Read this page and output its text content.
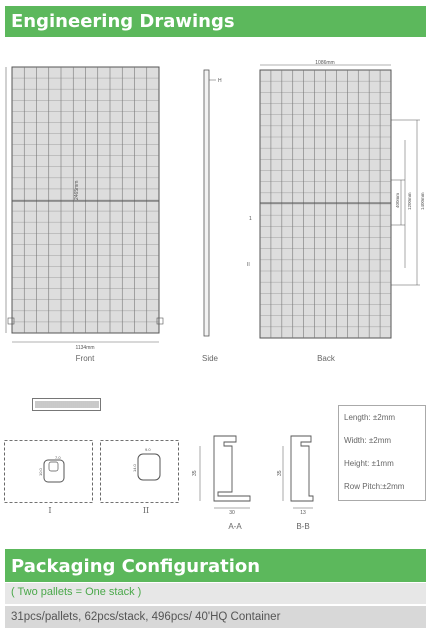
Engineering Drawings
2465mm
1134mm
Front
H
Side
1086mm
1400mm
1200mm
400mm
1
II
Back
7.0
10.0
I
9.0
14.0
II
35
30
A-A
35
13
B-B
Length: ±2mm
Width: ±2mm
Height: ±1mm
Row Pitch:±2mm
Packaging Configuration
( Two pallets = One stack )
31pcs/pallets, 62pcs/stack, 496pcs/ 40'HQ Container
